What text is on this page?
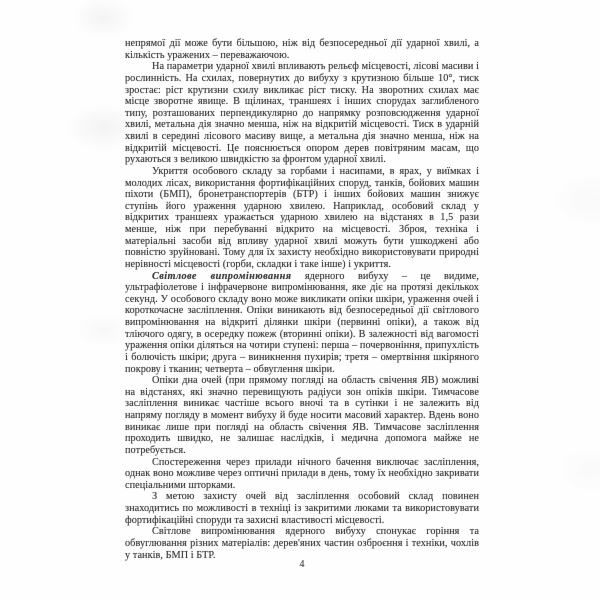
непрямої дії може бути більшою, ніж від безпосередньої дії ударної хвилі, а кількість уражених – переважаючою.

На параметри ударної хвилі впливають рельєф місцевості, лісові масиви і рослинність. На схилах, повернутих до вибуху з крутизною більше 10°, тиск зростає: ріст крутизни схилу викликає ріст тиску. На зворотних схилах має місце зворотне явище. В щілинах, траншеях і інших спорудах заглибленого типу, розташованих перпендикулярно до напрямку розповсюдження ударної хвилі, метальна дія значно менша, ніж на відкритій місцевості. Тиск в ударній хвилі в середині лісового масиву вище, а метальна дія значно менша, ніж на відкритій місцевості. Це пояснюється опором дерев повітряним масам, що рухаються з великою швидкістю за фронтом ударної хвилі.

Укриття особового складу за горбами і насипами, в ярах, у виїмках і молодих лісах, використання фортифікаційних споруд, танків, бойових машин піхоти (БМП), бронетранспортерів (БТР) і інших бойових машин знижує ступінь його ураження ударною хвилею. Наприклад, особовий склад у відкритих траншеях уражається ударною хвилею на відстанях в 1,5 рази менше, ніж при перебуванні відкрито на місцевості. Зброя, техніка і матеріальні засоби від впливу ударної хвилі можуть бути ушкоджені або повністю зруйновані. Тому для їх захисту необхідно використовувати природні нерівності місцевості (горби, складки і таке інше) і укриття.

Світлове випромінювання ядерного вибуху – це видиме, ультрафіолетове і інфрачервоне випромінювання, яке діє на протязі декількох секунд. У особового складу воно може викликати опіки шкіри, ураження очей і короткочасне засліплення. Опіки виникають від безпосередньої дії світлового випромінювання на відкриті ділянки шкіри (первинні опіки), а також від тліючого одягу, в осередку пожеж (вторинні опіки). В залежності від вагомості ураження опіки діляться на чотири ступені: перша – почервоніння, припухлість і болючість шкіри; друга – виникнення пухирів; третя – омертвіння шкіряного покрову і тканин; четверта – обвуглення шкіри.

Опіки дна очей (при прямому погляді на область свічення ЯВ) можливі на відстанях, які значно перевищують радіуси зон опіків шкіри. Тимчасове засліплення виникає частіше всього вночі та в сутінки і не залежить від напряму погляду в момент вибуху й буде носити масовий характер. Вдень воно виникає лише при погляді на область свічення ЯВ. Тимчасове засліплення проходить швидко, не залишає наслідків, і медична допомога майже не потребується.

Спостереження через прилади нічного бачення виключає засліплення, однак воно можливе через оптичні прилади в день, тому їх необхідно закривати спеціальними шторками.

З метою захисту очей від засліплення особовий склад повинен знаходитись по можливості в техніці із закритими люками та використовувати фортифікаційні споруди та захисні властивості місцевості.

Світлове випромінювання ядерного вибуху спонукає горіння та обвуглювання різних матеріалів: дерев'яних частин озброєння і техніки, чохлів у танків, БМП і БТР.

4
